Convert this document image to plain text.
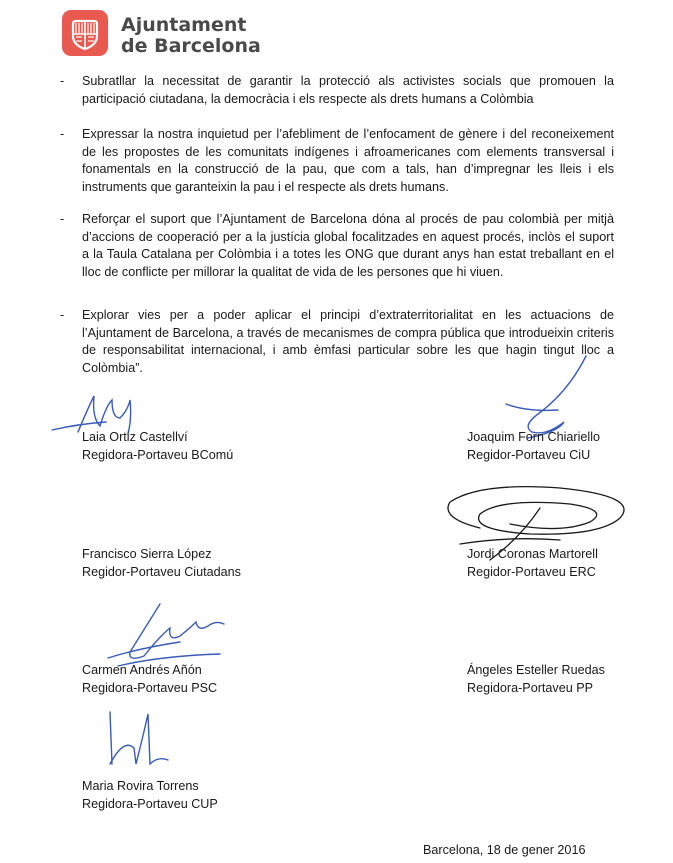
Ajuntament
de Barcelona

- Subratllar la necessitat de garantir la protecció als activistes socials que promouen la participació ciutadana, la democràcia i els respecte als drets humans a Colòmbia

- Expressar la nostra inquietud per l’afebliment de l’enfocament de gènere i del reconeixement de les propostes de les comunitats indígenes i afroamericanes com elements transversal i fonamentals en la construcció de la pau, que com a tals, han d’impregnar les lleis i els instruments que garanteixin la pau i el respecte als drets humans.

- Reforçar el suport que l’Ajuntament de Barcelona dóna al procés de pau colombià per mitjà d’accions de cooperació per a la justícia global focalitzades en aquest procés, inclòs el suport a la Taula Catalana per Colòmbia i a totes les ONG que durant anys han estat treballant en el lloc de conflicte per millorar la qualitat de vida de les persones que hi viuen.

- Explorar vies per a poder aplicar el principi d’extraterritorialitat en les actuacions de l’Ajuntament de Barcelona, a través de mecanismes de compra pública que introdueixin criteris de responsabilitat internacional, i amb èmfasi particular sobre les que hagin tingut lloc a Colòmbia”.

Laia Ortiz Castellví
Regidora-Portaveu BComú
Joaquim Forn Chiariello
Regidor-Portaveu CiU
Francisco Sierra López
Regidor-Portaveu Ciutadans
Jordi Coronas Martorell
Regidor-Portaveu ERC
Carmen Andrés Añón
Regidora-Portaveu PSC
Ángeles Esteller Ruedas
Regidora-Portaveu PP
Maria Rovira Torrens
Regidora-Portaveu CUP
Barcelona, 18 de gener 2016
